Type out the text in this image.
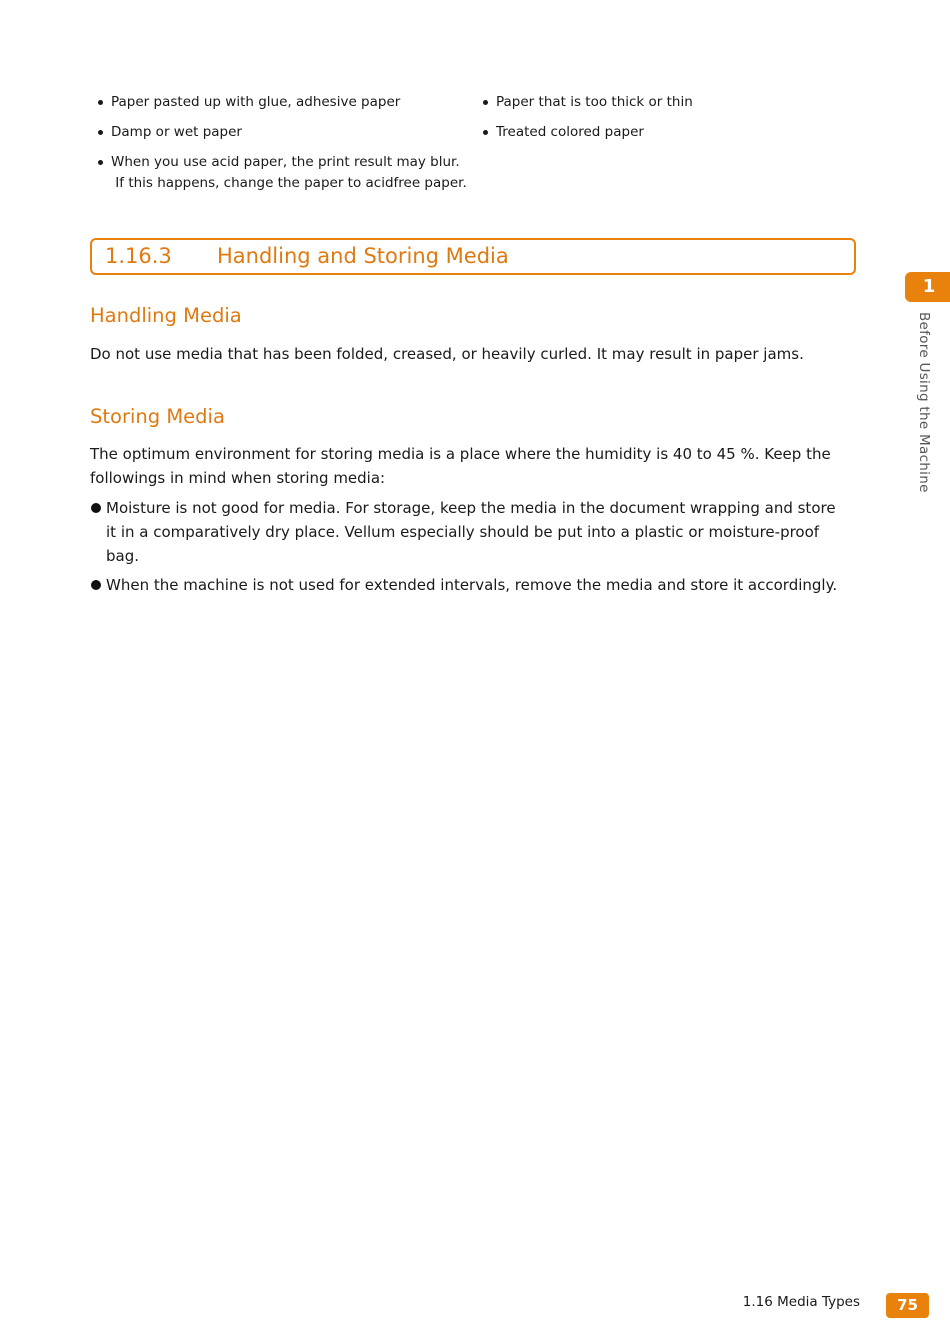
Paper pasted up with glue, adhesive paper
Damp or wet paper
When you use acid paper, the print result may blur.
If this happens, change the paper to acidfree paper.
Paper that is too thick or thin
Treated colored paper
1.16.3 Handling and Storing Media
Handling Media
Do not use media that has been folded, creased, or heavily curled. It may result in paper jams.
Storing Media
The optimum environment for storing media is a place where the humidity is 40 to 45 %. Keep the followings in mind when storing media:
Moisture is not good for media. For storage, keep the media in the document wrapping and store it in a comparatively dry place. Vellum especially should be put into a plastic or moisture-proof bag.
When the machine is not used for extended intervals, remove the media and store it accordingly.
1
Before Using the Machine
1.16 Media Types	75
